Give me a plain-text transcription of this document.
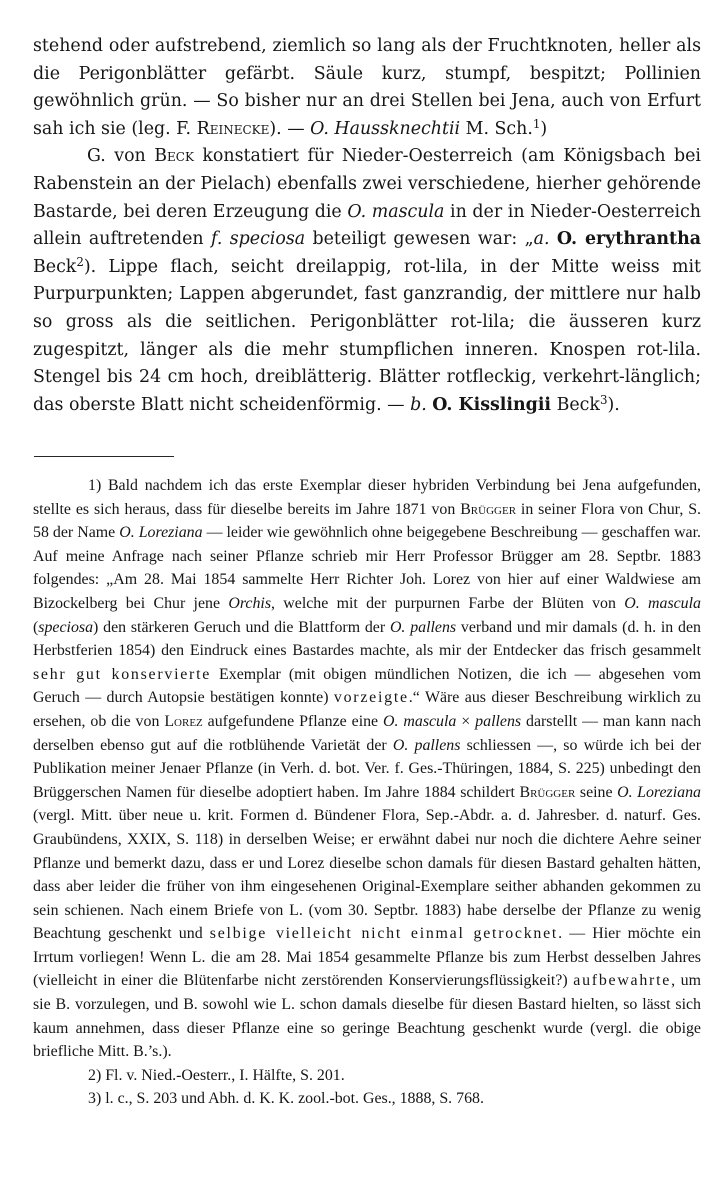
stehend oder aufstrebend, ziemlich so lang als der Fruchtknoten, heller als die Perigonblätter gefärbt. Säule kurz, stumpf, bespitzt; Pollinien gewöhnlich grün. — So bisher nur an drei Stellen bei Jena, auch von Erfurt sah ich sie (leg. F. Reinecke). — O. Haussknechtii M. Sch.$^1$)

G. von Beck konstatiert für Nieder-Oesterreich (am Königsbach bei Rabenstein an der Pielach) ebenfalls zwei verschiedene, hierher gehörende Bastarde, bei deren Erzeugung die O. mascula in der in Nieder-Oesterreich allein auftretenden f. speciosa beteiligt gewesen war: „a. O. erythrantha Beck$^2$). Lippe flach, seicht dreilappig, rot-lila, in der Mitte weiss mit Purpurpunkten; Lappen abgerundet, fast ganzrandig, der mittlere nur halb so gross als die seitlichen. Perigonblätter rot-lila; die äusseren kurz zugespitzt, länger als die mehr stumpflichen inneren. Knospen rot-lila. Stengel bis 24 cm hoch, dreiblätterig. Blätter rotfleckig, verkehrt-länglich; das oberste Blatt nicht scheidenförmig. — b. O. Kisslingii Beck$^3$).

1) Bald nachdem ich das erste Exemplar dieser hybriden Verbindung bei Jena aufgefunden, stellte es sich heraus, dass für dieselbe bereits im Jahre 1871 von Brügger in seiner Flora von Chur, S. 58 der Name O. Loreziana — leider wie gewöhnlich ohne beigegebene Beschreibung — geschaffen war. Auf meine Anfrage nach seiner Pflanze schrieb mir Herr Professor Brügger am 28. Septbr. 1883 folgendes: „Am 28. Mai 1854 sammelte Herr Richter Joh. Lorez von hier auf einer Waldwiese am Bizockelberg bei Chur jene Orchis, welche mit der purpurnen Farbe der Blüten von O. mascula (speciosa) den stärkeren Geruch und die Blattform der O. pallens verband und mir damals (d. h. in den Herbstferien 1854) den Eindruck eines Bastardes machte, als mir der Entdecker das frisch gesammelt sehr gut konservierte Exemplar (mit obigen mündlichen Notizen, die ich — abgesehen vom Geruch — durch Autopsie bestätigen konnte) vorzeigte.“ Wäre aus dieser Beschreibung wirklich zu ersehen, ob die von Lorez aufgefundene Pflanze eine O. mascula × pallens darstellt — man kann nach derselben ebenso gut auf die rotblühende Varietät der O. pallens schliessen —, so würde ich bei der Publikation meiner Jenaer Pflanze (in Verh. d. bot. Ver. f. Ges.-Thüringen, 1884, S. 225) unbedingt den Brüggerschen Namen für dieselbe adoptiert haben. Im Jahre 1884 schildert Brügger seine O. Loreziana (vergl. Mitt. über neue u. krit. Formen d. Bündener Flora, Sep.-Abdr. a. d. Jahresber. d. naturf. Ges. Graubündens, XXIX, S. 118) in derselben Weise; er erwähnt dabei nur noch die dichtere Aehre seiner Pflanze und bemerkt dazu, dass er und Lorez dieselbe schon damals für diesen Bastard gehalten hätten, dass aber leider die früher von ihm eingesehenen Original-Exemplare seither abhanden gekommen zu sein schienen. Nach einem Briefe von L. (vom 30. Septbr. 1883) habe derselbe der Pflanze zu wenig Beachtung geschenkt und selbige vielleicht nicht einmal getrocknet. — Hier möchte ein Irrtum vorliegen! Wenn L. die am 28. Mai 1854 gesammelte Pflanze bis zum Herbst desselben Jahres (vielleicht in einer die Blütenfarbe nicht zerstörenden Konservierungsflüssigkeit?) aufbewahrte, um sie B. vorzulegen, und B. sowohl wie L. schon damals dieselbe für diesen Bastard hielten, so lässt sich kaum annehmen, dass dieser Pflanze eine so geringe Beachtung geschenkt wurde (vergl. die obige briefliche Mitt. B.’s.).

2) Fl. v. Nied.-Oesterr., I. Hälfte, S. 201.

3) l. c., S. 203 und Abh. d. K. K. zool.-bot. Ges., 1888, S. 768.
